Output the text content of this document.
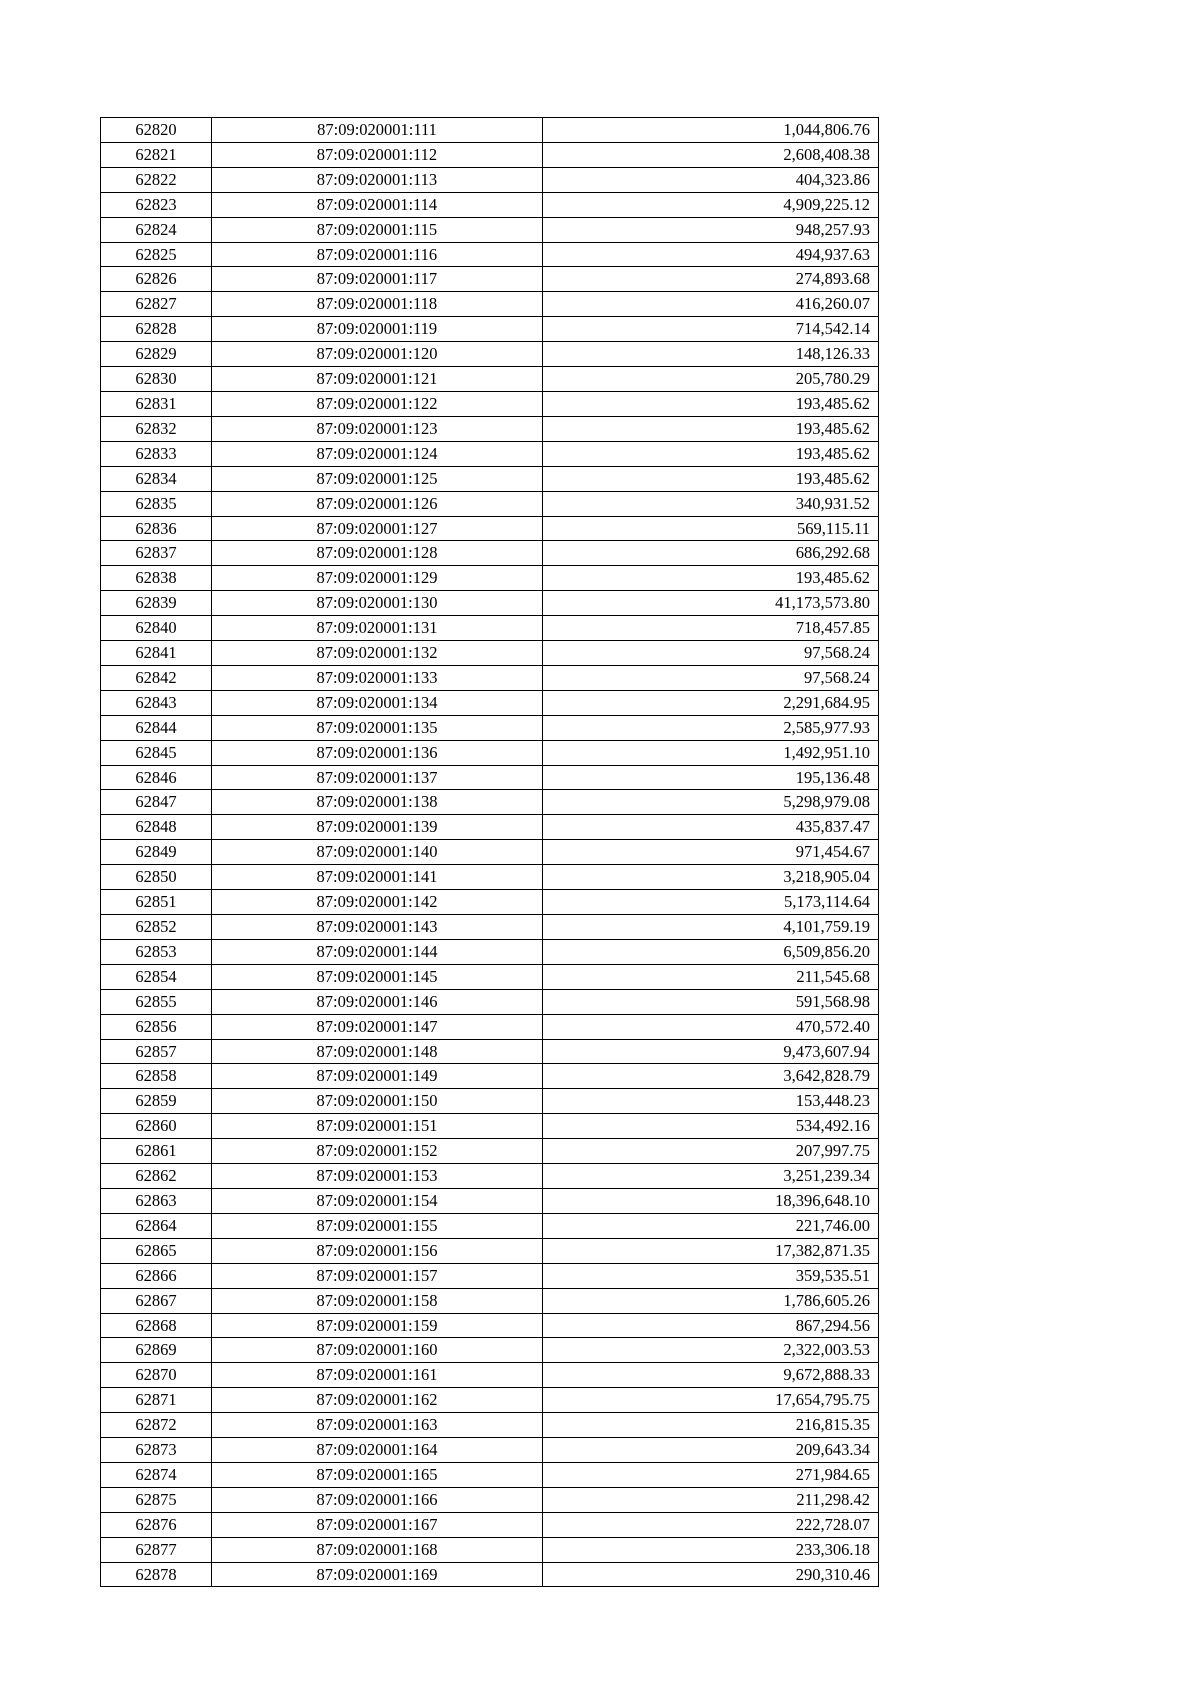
62820	87:09:020001:111	1,044,806.76
62821	87:09:020001:112	2,608,408.38
62822	87:09:020001:113	404,323.86
62823	87:09:020001:114	4,909,225.12
62824	87:09:020001:115	948,257.93
62825	87:09:020001:116	494,937.63
62826	87:09:020001:117	274,893.68
62827	87:09:020001:118	416,260.07
62828	87:09:020001:119	714,542.14
62829	87:09:020001:120	148,126.33
62830	87:09:020001:121	205,780.29
62831	87:09:020001:122	193,485.62
62832	87:09:020001:123	193,485.62
62833	87:09:020001:124	193,485.62
62834	87:09:020001:125	193,485.62
62835	87:09:020001:126	340,931.52
62836	87:09:020001:127	569,115.11
62837	87:09:020001:128	686,292.68
62838	87:09:020001:129	193,485.62
62839	87:09:020001:130	41,173,573.80
62840	87:09:020001:131	718,457.85
62841	87:09:020001:132	97,568.24
62842	87:09:020001:133	97,568.24
62843	87:09:020001:134	2,291,684.95
62844	87:09:020001:135	2,585,977.93
62845	87:09:020001:136	1,492,951.10
62846	87:09:020001:137	195,136.48
62847	87:09:020001:138	5,298,979.08
62848	87:09:020001:139	435,837.47
62849	87:09:020001:140	971,454.67
62850	87:09:020001:141	3,218,905.04
62851	87:09:020001:142	5,173,114.64
62852	87:09:020001:143	4,101,759.19
62853	87:09:020001:144	6,509,856.20
62854	87:09:020001:145	211,545.68
62855	87:09:020001:146	591,568.98
62856	87:09:020001:147	470,572.40
62857	87:09:020001:148	9,473,607.94
62858	87:09:020001:149	3,642,828.79
62859	87:09:020001:150	153,448.23
62860	87:09:020001:151	534,492.16
62861	87:09:020001:152	207,997.75
62862	87:09:020001:153	3,251,239.34
62863	87:09:020001:154	18,396,648.10
62864	87:09:020001:155	221,746.00
62865	87:09:020001:156	17,382,871.35
62866	87:09:020001:157	359,535.51
62867	87:09:020001:158	1,786,605.26
62868	87:09:020001:159	867,294.56
62869	87:09:020001:160	2,322,003.53
62870	87:09:020001:161	9,672,888.33
62871	87:09:020001:162	17,654,795.75
62872	87:09:020001:163	216,815.35
62873	87:09:020001:164	209,643.34
62874	87:09:020001:165	271,984.65
62875	87:09:020001:166	211,298.42
62876	87:09:020001:167	222,728.07
62877	87:09:020001:168	233,306.18
62878	87:09:020001:169	290,310.46
